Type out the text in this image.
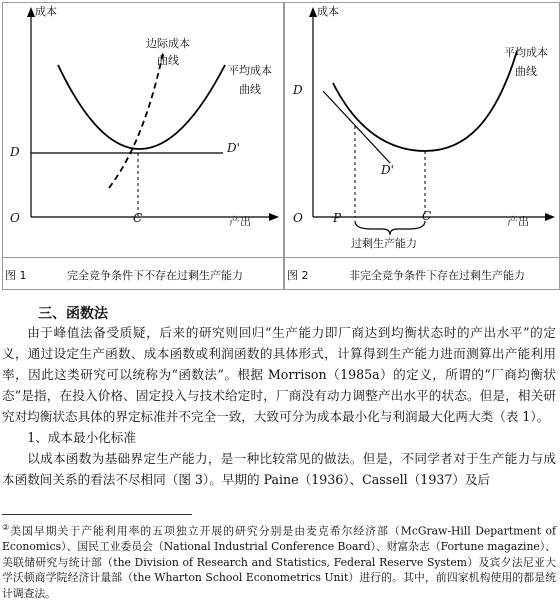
成本
边际成本
曲线
平均成本
曲线
D	D'
O	C	产出
图 1	完全竞争条件下不存在过剩生产能力
成本
平均成本
曲线
D
D'
O	P	C	产出
过剩生产能力
图 2	非完全竞争条件下存在过剩生产能力
三、函数法

由于峰值法备受质疑，后来的研究则回归“生产能力即厂商达到均衡状态时的产出水平”的定义，通过设定生产函数、成本函数或利润函数的具体形式，计算得到生产能力进而测算出产能利用率，因此这类研究可以统称为“函数法”。根据 Morrison（1985a）的定义，所谓的“厂商均衡状态”是指，在投入价格、固定投入与技术给定时，厂商没有动力调整产出水平的状态。但是，相关研究对均衡状态具体的界定标准并不完全一致，大致可分为成本最小化与利润最大化两大类（表 1）。

1、成本最小化标准

以成本函数为基础界定生产能力，是一种比较常见的做法。但是，不同学者对于生产能力与成本函数间关系的看法不尽相同（图 3）。早期的 Paine（1936）、Cassell（1937）及后

②美国早期关于产能利用率的五项独立开展的研究分别是由麦克希尔经济部（McGraw-Hill Department of Economics）、国民工业委员会（National Industrial Conference Board）、财富杂志（Fortune magazine）、美联储研究与统计部（the Division of Research and Statistics, Federal Reserve System）及宾夕法尼亚大学沃顿商学院经济计量部（the Wharton School Econometrics Unit）进行的。其中，前四家机构使用的都是统计调查法。
